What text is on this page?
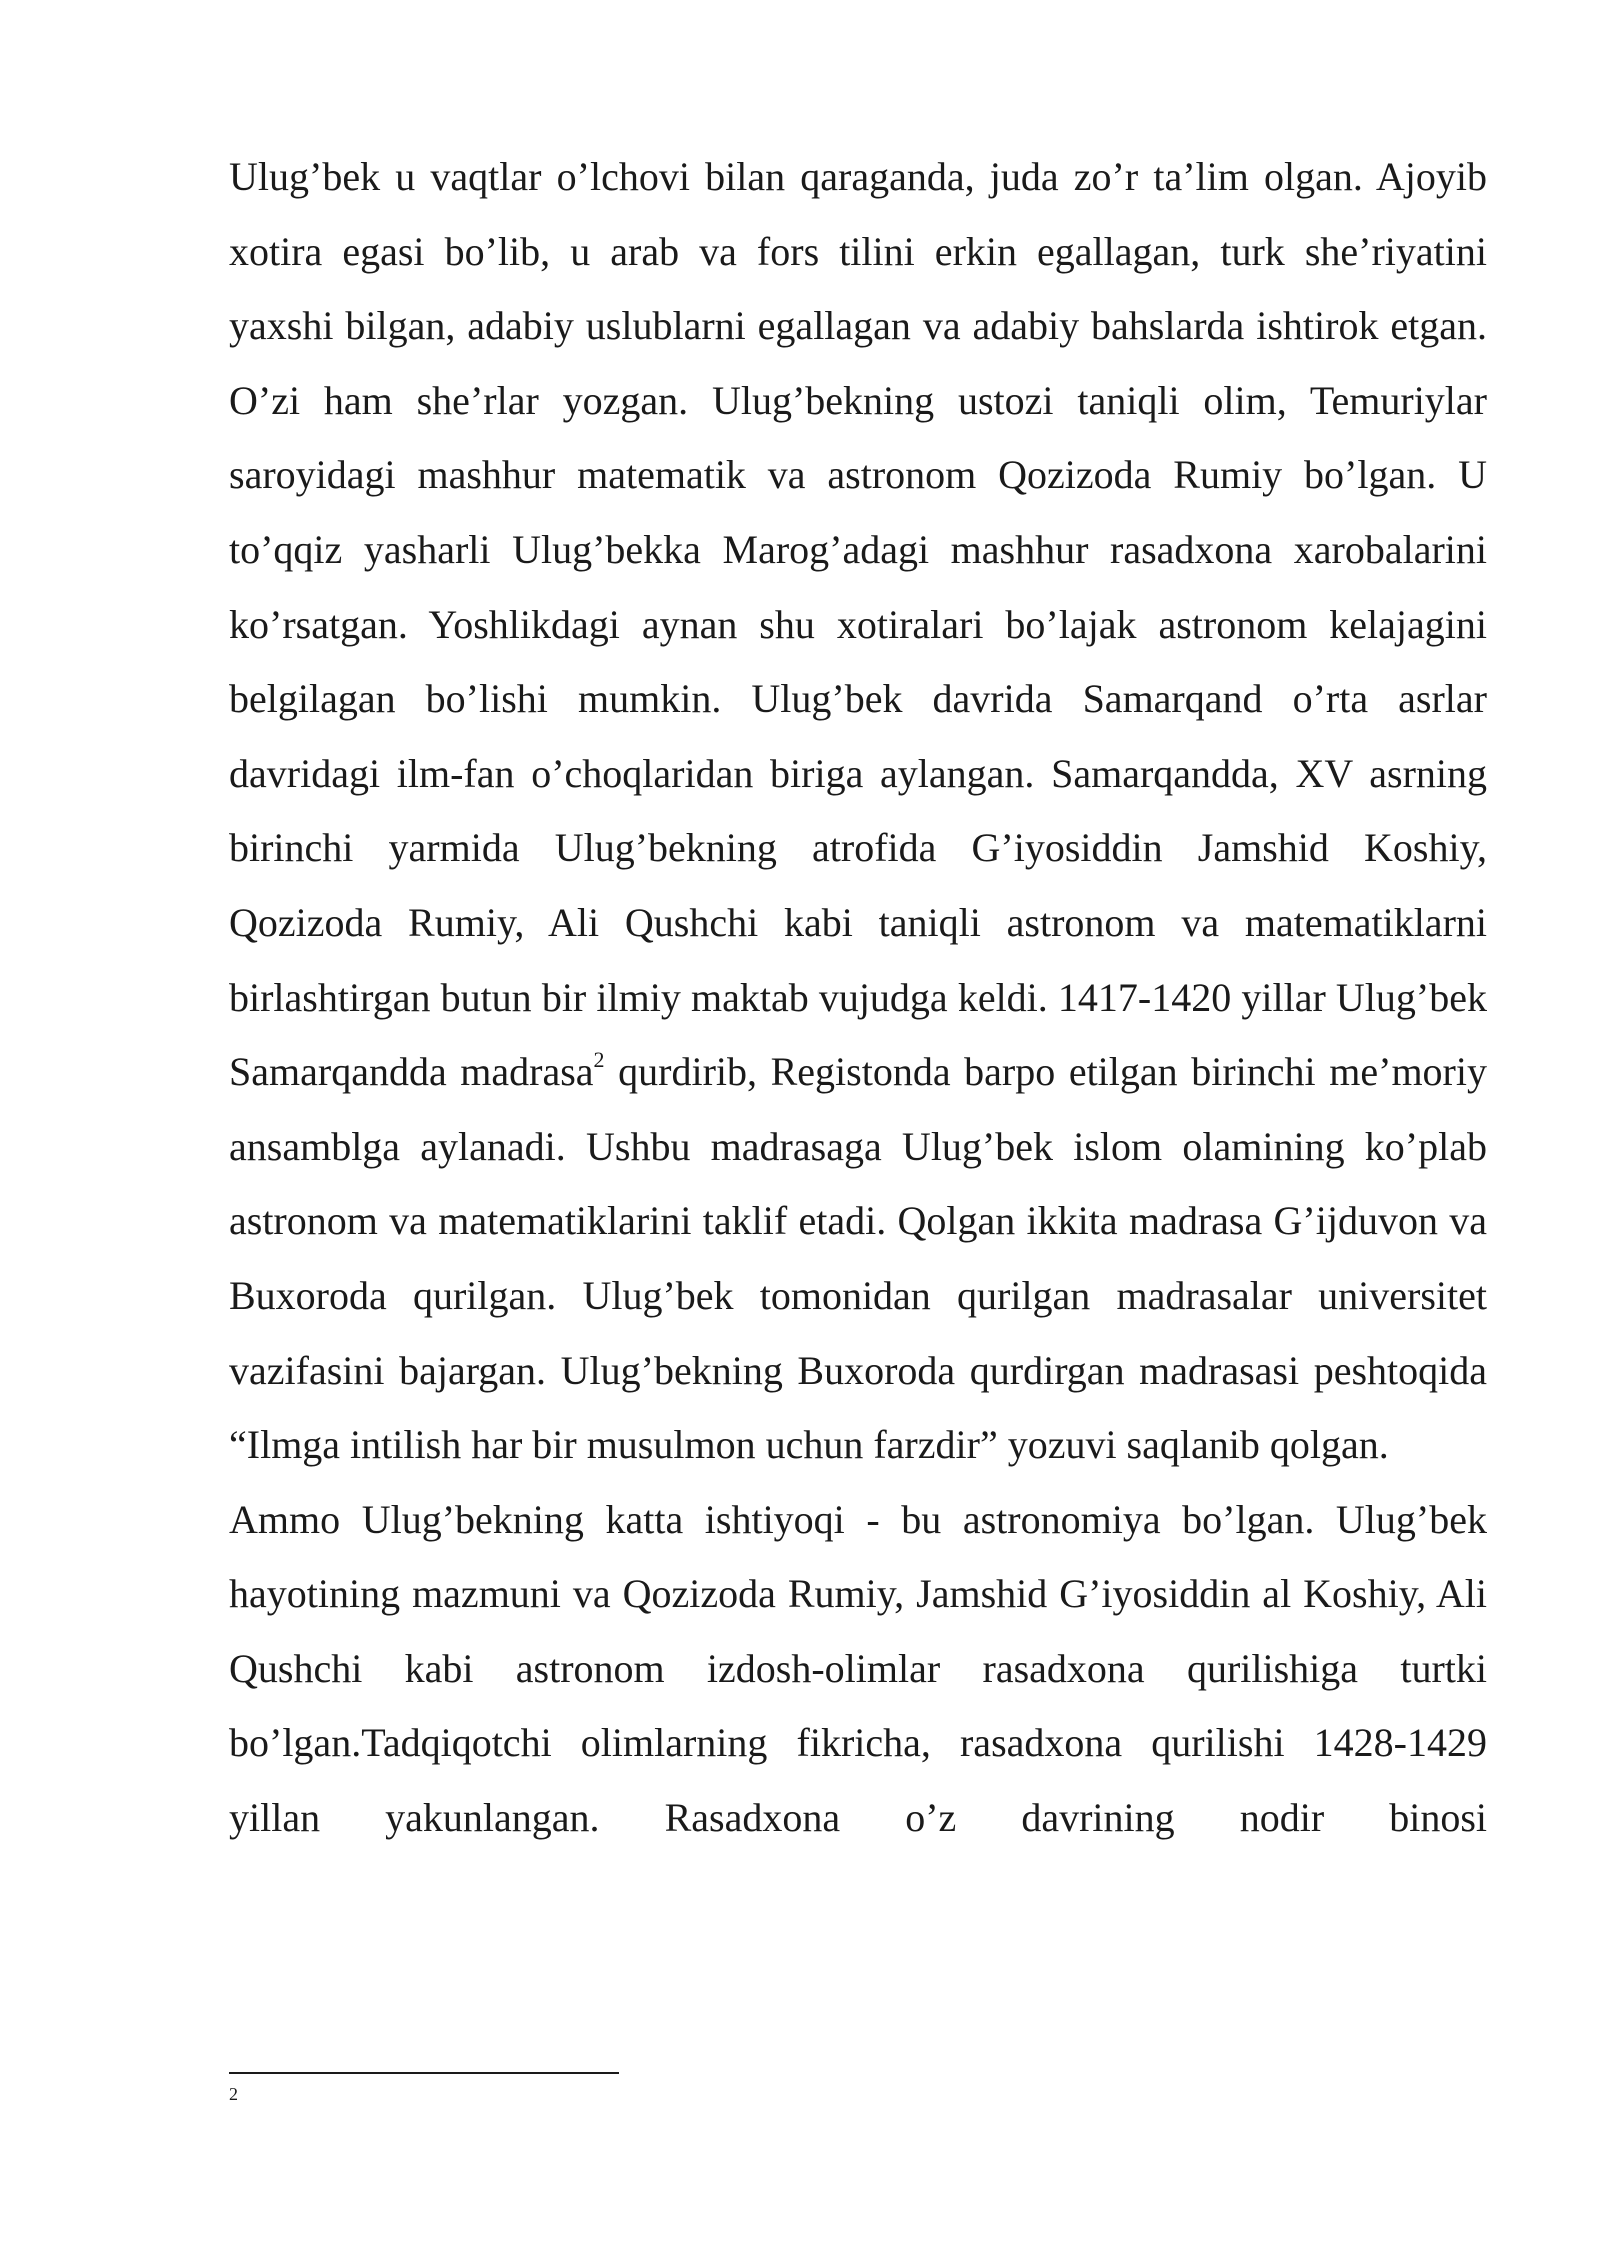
Ulug’bek u vaqtlar o’lchovi bilan qaraganda, juda zo’r ta’lim olgan. Ajoyib xotira egasi bo’lib, u arab va fors tilini erkin egallagan, turk she’riyatini yaxshi bilgan, adabiy uslublarni egallagan va adabiy bahslarda ishtirok etgan. O’zi ham she’rlar yozgan. Ulug’bekning ustozi taniqli olim, Temuriylar saroyidagi mashhur matematik va astronom Qozizoda Rumiy bo’lgan. U to’qqiz yasharli Ulug’bekka Marog’adagi mashhur rasadxona xarobalarini ko’rsatgan. Yoshlikdagi aynan shu xotiralari bo’lajak astronom kelajagini belgilagan bo’lishi mumkin. Ulug’bek davrida Samarqand o’rta asrlar davridagi ilm-fan o’choqlaridan biriga aylangan. Samarqandda, XV asrning birinchi yarmida Ulug’bekning atrofida G’iyosiddin Jamshid Koshiy, Qozizoda Rumiy, Ali Qushchi kabi taniqli astronom va matematiklarni birlashtirgan butun bir ilmiy maktab vujudga keldi. 1417-1420 yillar Ulug’bek Samarqandda madrasa$^2$ qurdirib, Registonda barpo etilgan birinchi me’moriy ansamblga aylanadi. Ushbu madrasaga Ulug’bek islom olamining ko’plab astronom va matematiklarini taklif etadi. Qolgan ikkita madrasa G’ijduvon va Buxoroda qurilgan. Ulug’bek tomonidan qurilgan madrasalar universitet vazifasini bajargan. Ulug’bekning Buxoroda qurdirgan madrasasi peshtoqida “Ilmga intilish har bir musulmon uchun farzdir” yozuvi saqlanib qolgan.

Ammo Ulug’bekning katta ishtiyoqi - bu astronomiya bo’lgan. Ulug’bek hayotining mazmuni va Qozizoda Rumiy, Jamshid G’iyosiddin al Koshiy, Ali Qushchi kabi astronom izdosh-olimlar rasadxona qurilishiga turtki bo’lgan.Tadqiqotchi olimlarning fikricha, rasadxona qurilishi 1428-1429 yillan yakunlangan. Rasadxona o’z davrining nodir binosi

2
